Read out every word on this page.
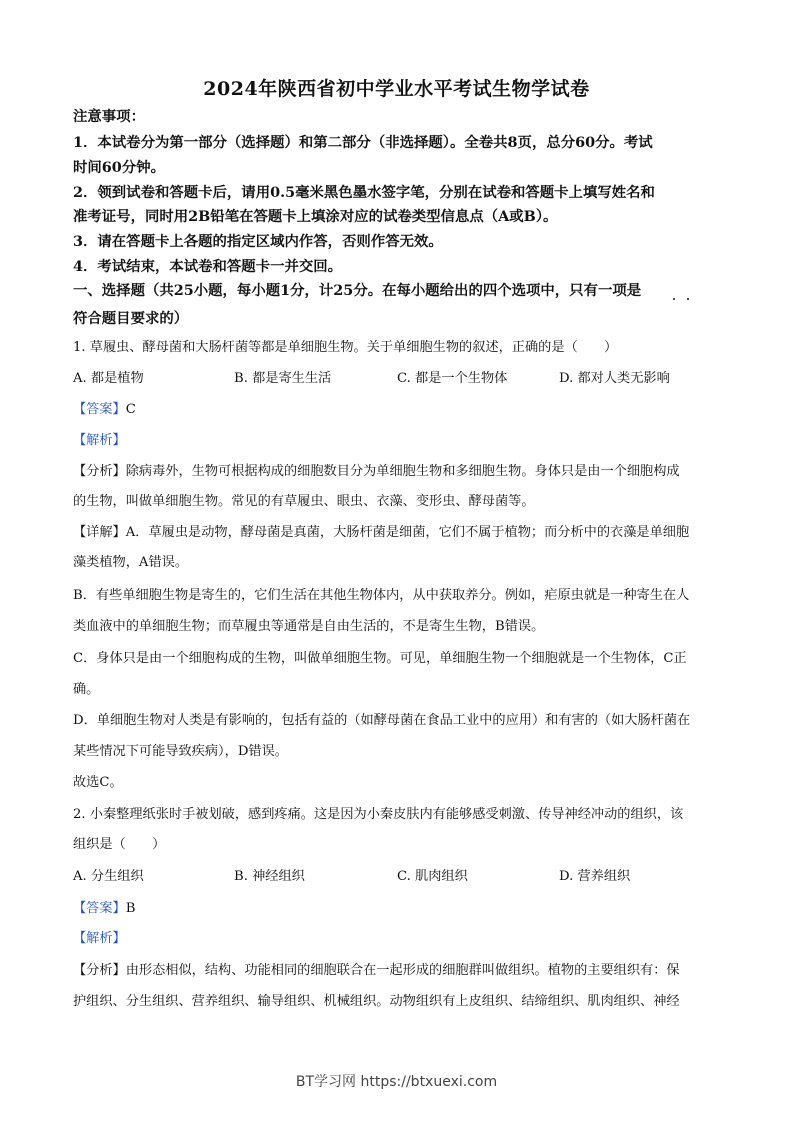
2024年陕西省初中学业水平考试生物学试卷
注意事项：
1．本试卷分为第一部分（选择题）和第二部分（非选择题）。全卷共8页，总分60分。考试
时间60分钟。
2．领到试卷和答题卡后，请用0.5毫米黑色墨水签字笔，分别在试卷和答题卡上填写姓名和
准考证号，同时用2B铅笔在答题卡上填涂对应的试卷类型信息点（A或B）。
3．请在答题卡上各题的指定区域内作答，否则作答无效。
4．考试结束，本试卷和答题卡一并交回。
一、选择题（共25小题，每小题1分，计25分。在每小题给出的四个选项中，只有一项是
符合题目要求的）
1. 草履虫、酵母菌和大肠杆菌等都是单细胞生物。关于单细胞生物的叙述，正确的是（　　）
A. 都是植物	B. 都是寄生生活	C. 都是一个生物体	D. 都对人类无影响
【答案】C
【解析】
【分析】除病毒外，生物可根据构成的细胞数目分为单细胞生物和多细胞生物。身体只是由一个细胞构成
的生物，叫做单细胞生物。常见的有草履虫、眼虫、衣藻、变形虫、酵母菌等。
【详解】A．草履虫是动物，酵母菌是真菌，大肠杆菌是细菌，它们不属于植物；而分析中的衣藻是单细胞
藻类植物，A错误。
B．有些单细胞生物是寄生的，它们生活在其他生物体内，从中获取养分。例如，疟原虫就是一种寄生在人
类血液中的单细胞生物；而草履虫等通常是自由生活的，不是寄生生物，B错误。
C．身体只是由一个细胞构成的生物，叫做单细胞生物。可见，单细胞生物一个细胞就是一个生物体，C正
确。
D．单细胞生物对人类是有影响的，包括有益的（如酵母菌在食品工业中的应用）和有害的（如大肠杆菌在
某些情况下可能导致疾病），D错误。
故选C。
2. 小秦整理纸张时手被划破，感到疼痛。这是因为小秦皮肤内有能够感受刺激、传导神经冲动的组织，该
组织是（　　）
A. 分生组织	B. 神经组织	C. 肌肉组织	D. 营养组织
【答案】B
【解析】
【分析】由形态相似，结构、功能相同的细胞联合在一起形成的细胞群叫做组织。植物的主要组织有：保
护组织、分生组织、营养组织、输导组织、机械组织。动物组织有上皮组织、结缔组织、肌肉组织、神经
BT学习网 https://btxuexi.com
